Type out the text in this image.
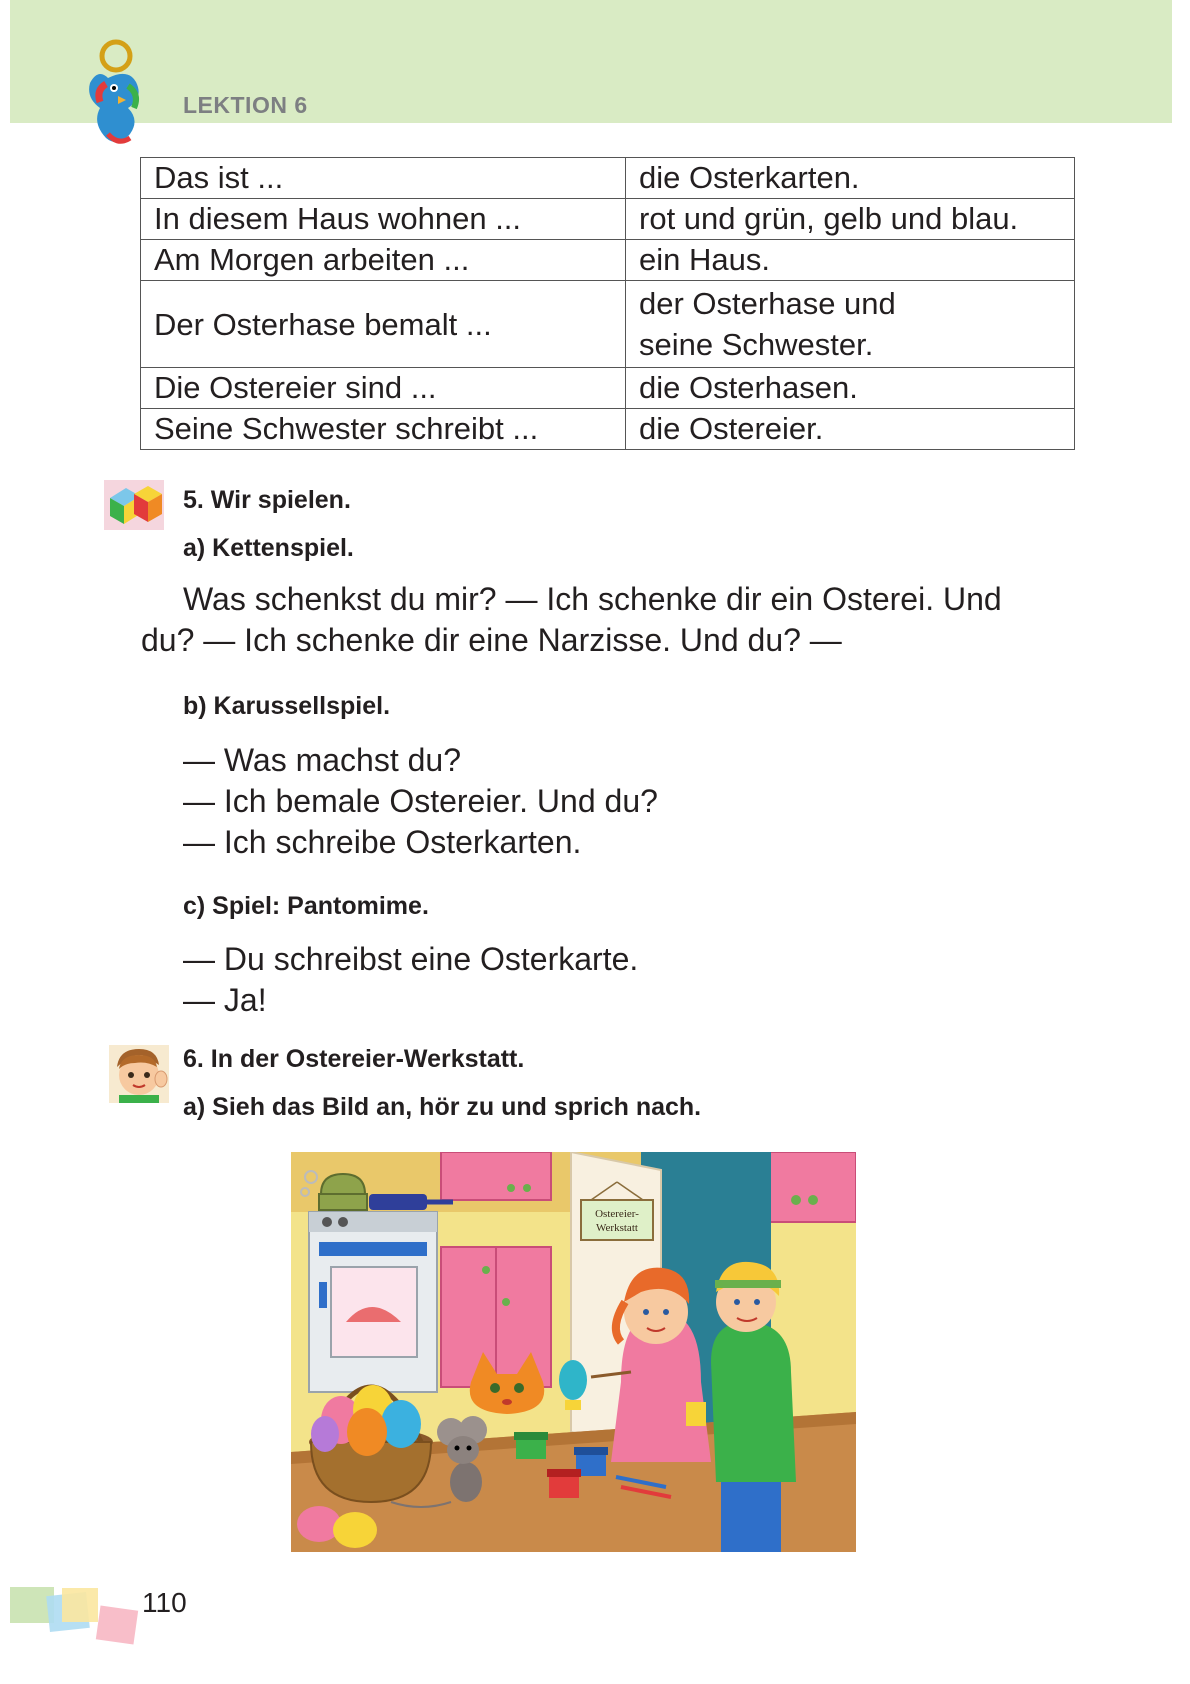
LEKTION 6
Das ist ...	die Osterkarten.
In diesem Haus wohnen ...	rot und grün, gelb und blau.
Am Morgen arbeiten ...	ein Haus.
Der Osterhase bemalt ...	der Osterhase und
seine Schwester.

Die Ostereier sind ...	die Osterhasen.
Seine Schwester schreibt ...	die Ostereier.
5. Wir spielen.
a) Kettenspiel.
Was schenkst du mir? — Ich schenke dir ein Osterei. Und
du? — Ich schenke dir eine Narzisse. Und du? —
b) Karussellspiel.
— Was machst du?
— Ich bemale Ostereier. Und du?
— Ich schreibe Osterkarten.
c) Spiel: Pantomime.
— Du schreibst eine Osterkarte.
— Ja!
6. In der Ostereier-Werkstatt.
a) Sieh das Bild an, hör zu und sprich nach.
Ostereier-
Werkstatt
110
